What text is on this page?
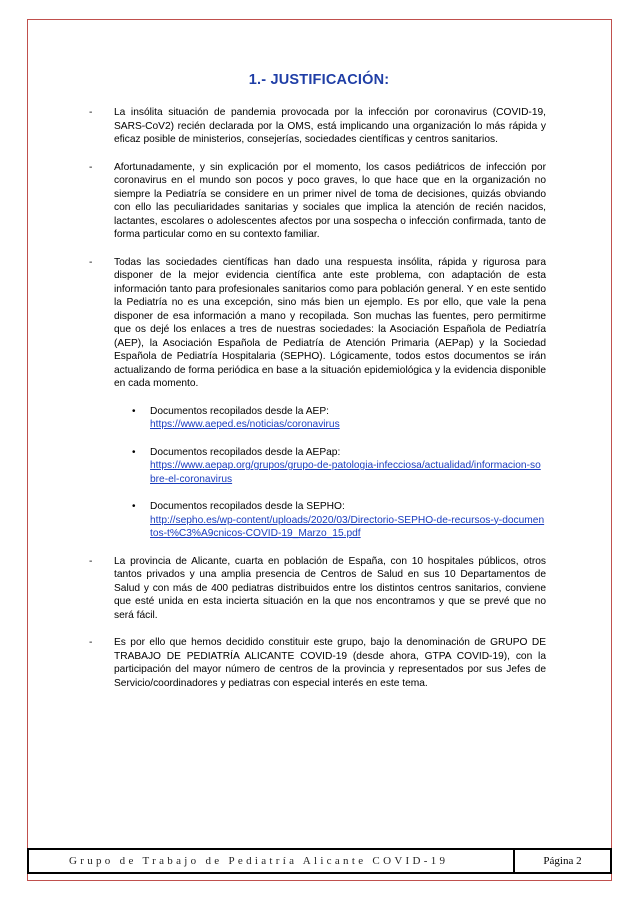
1.- JUSTIFICACIÓN:
- La insólita situación de pandemia provocada por la infección por coronavirus (COVID-19, SARS-CoV2) recién declarada por la OMS, está implicando una organización lo más rápida y eficaz posible de ministerios, consejerías, sociedades científicas y centros sanitarios.
- Afortunadamente, y sin explicación por el momento, los casos pediátricos de infección por coronavirus en el mundo son pocos y poco graves, lo que hace que en la organización no siempre la Pediatría se considere en un primer nivel de toma de decisiones, quizás obviando con ello las peculiaridades sanitarias y sociales que implica la atención de recién nacidos, lactantes, escolares o adolescentes afectos por una sospecha o infección confirmada, tanto de forma particular como en su contexto familiar.
- Todas las sociedades científicas han dado una respuesta insólita, rápida y rigurosa para disponer de la mejor evidencia científica ante este problema, con adaptación de esta información tanto para profesionales sanitarios como para población general. Y en este sentido la Pediatría no es una excepción, sino más bien un ejemplo. Es por ello, que vale la pena disponer de esa información a mano y recopilada. Son muchas las fuentes, pero permitirme que os dejé los enlaces a tres de nuestras sociedades: la Asociación Española de Pediatría (AEP), la Asociación Española de Pediatría de Atención Primaria (AEPap) y la Sociedad Española de Pediatría Hospitalaria (SEPHO). Lógicamente, todos estos documentos se irán actualizando de forma periódica en base a la situación epidemiológica y la evidencia disponible en cada momento.
• Documentos recopilados desde la AEP:
https://www.aeped.es/noticias/coronavirus
• Documentos recopilados desde la AEPap:
https://www.aepap.org/grupos/grupo-de-patologia-infecciosa/actualidad/informacion-sobre-el-coronavirus
• Documentos recopilados desde la SEPHO:
http://sepho.es/wp-content/uploads/2020/03/Directorio-SEPHO-de-recursos-y-documentos-t%C3%A9cnicos-COVID-19_Marzo_15.pdf
- La provincia de Alicante, cuarta en población de España, con 10 hospitales públicos, otros tantos privados y una amplia presencia de Centros de Salud en sus 10 Departamentos de Salud y con más de 400 pediatras distribuidos entre los distintos centros sanitarios, conviene que esté unida en esta incierta situación en la que nos encontramos y que se prevé que no será fácil.
- Es por ello que hemos decidido constituir este grupo, bajo la denominación de GRUPO DE TRABAJO DE PEDIATRÍA ALICANTE COVID-19 (desde ahora, GTPA COVID-19), con la participación del mayor número de centros de la provincia y representados por sus Jefes de Servicio/coordinadores y pediatras con especial interés en este tema.
Grupo de Trabajo de Pediatría Alicante COVID-19	Página 2
